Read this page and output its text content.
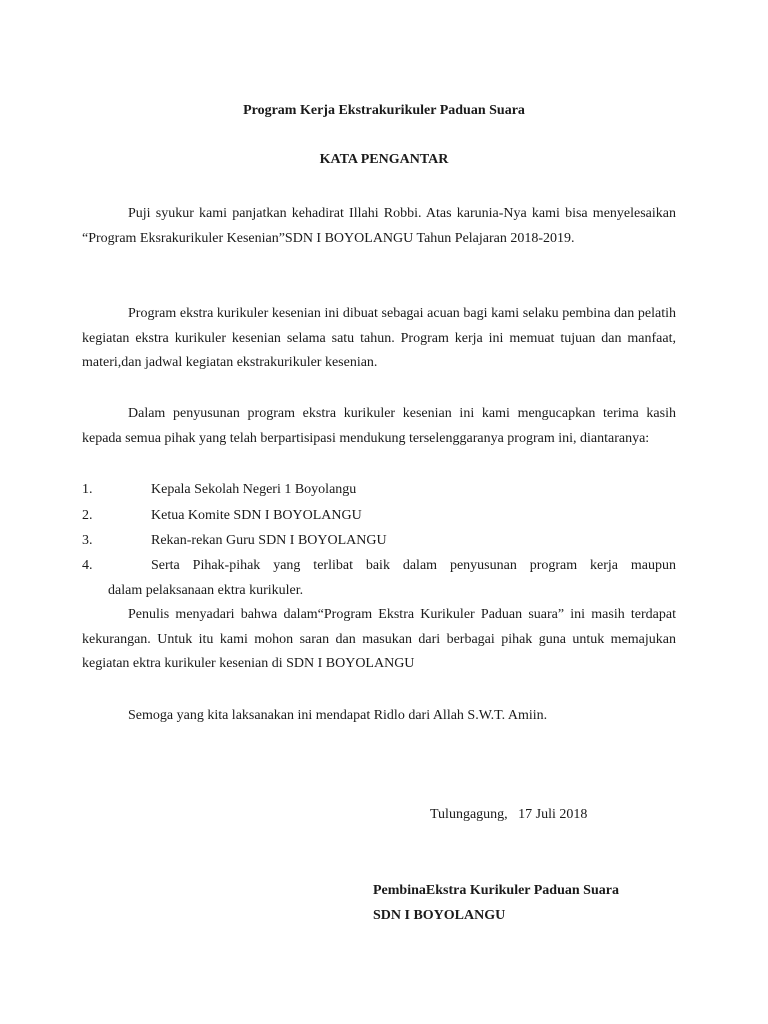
Program Kerja Ekstrakurikuler Paduan Suara
KATA PENGANTAR

Puji syukur kami panjatkan kehadirat Illahi Robbi. Atas karunia-Nya kami bisa menyelesaikan “Program Eksrakurikuler Kesenian”SDN I BOYOLANGU Tahun Pelajaran 2018-2019.

Program ekstra kurikuler kesenian ini dibuat sebagai acuan bagi kami selaku pembina dan pelatih kegiatan ekstra kurikuler kesenian selama satu tahun. Program kerja ini memuat tujuan dan manfaat, materi,dan jadwal kegiatan ekstrakurikuler kesenian.

Dalam penyusunan program ekstra kurikuler kesenian ini kami mengucapkan terima kasih kepada semua pihak yang telah berpartisipasi mendukung terselenggaranya program ini, diantaranya:

1.	Kepala Sekolah Negeri 1 Boyolangu
2.	Ketua Komite SDN I BOYOLANGU
3.	Rekan-rekan Guru SDN I BOYOLANGU
4.	Serta Pihak-pihak yang terlibat baik dalam penyusunan program kerja maupun
dalam pelaksanaan ektra kurikuler.

Penulis menyadari bahwa dalam“Program Ekstra Kurikuler Paduan suara” ini masih terdapat kekurangan. Untuk itu kami mohon saran dan masukan dari berbagai pihak guna untuk memajukan kegiatan ektra kurikuler kesenian di SDN I BOYOLANGU

Semoga yang kita laksanakan ini mendapat Ridlo dari Allah S.W.T. Amiin.

Tulungagung,   17 Juli 2018
PembinaEkstra Kurikuler Paduan Suara
SDN I BOYOLANGU
